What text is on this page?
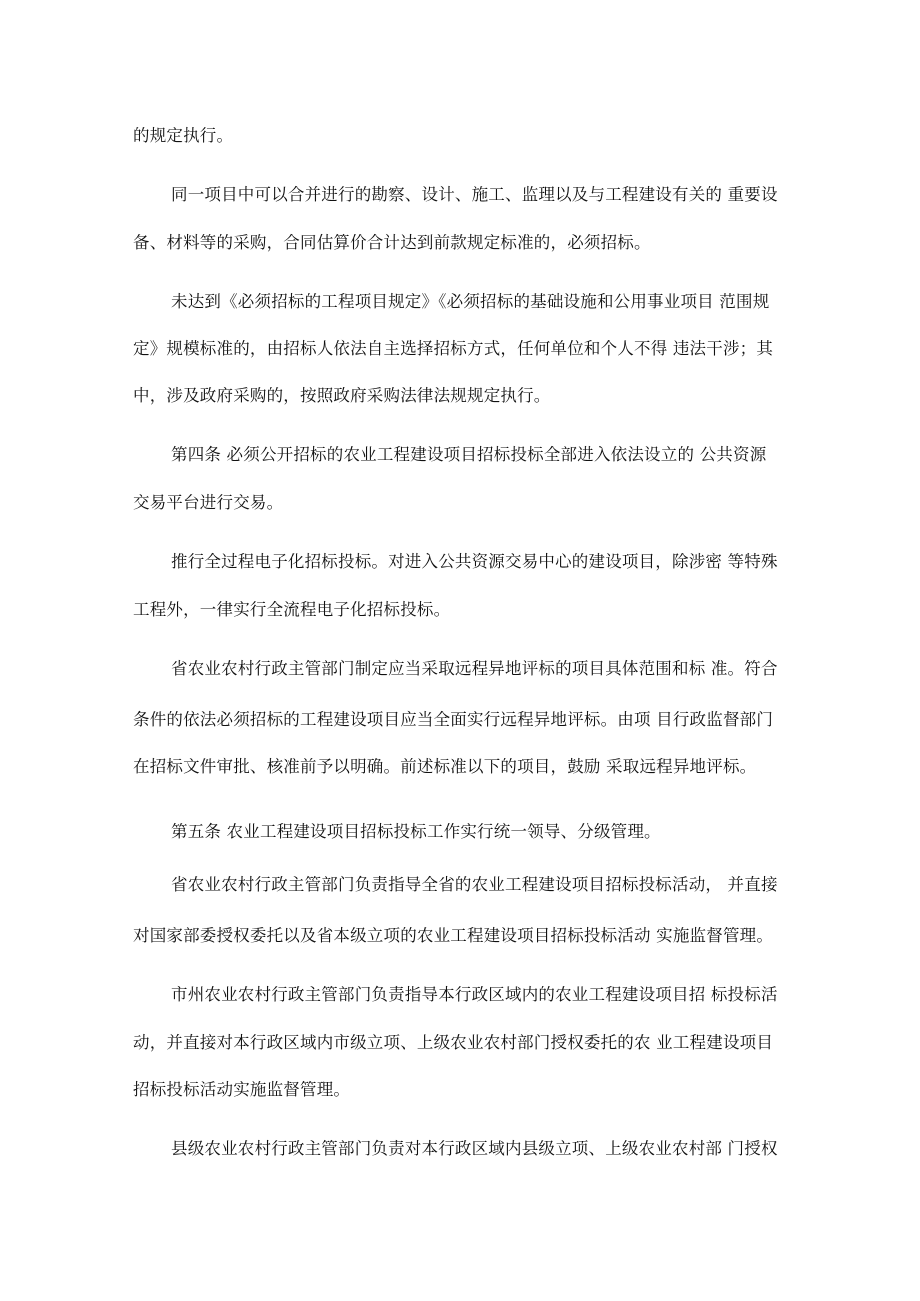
的规定执行。
同一项目中可以合并进行的勘察、设计、施工、监理以及与工程建设有关的 重要设
备、材料等的采购，合同估算价合计达到前款规定标准的，必须招标。
未达到《必须招标的工程项目规定》《必须招标的基础设施和公用事业项目 范围规
定》规模标准的，由招标人依法自主选择招标方式，任何单位和个人不得 违法干涉；其
中，涉及政府采购的，按照政府采购法律法规规定执行。
第四条 必须公开招标的农业工程建设项目招标投标全部进入依法设立的 公共资源
交易平台进行交易。
推行全过程电子化招标投标。对进入公共资源交易中心的建设项目，除涉密 等特殊
工程外，一律实行全流程电子化招标投标。
省农业农村行政主管部门制定应当采取远程异地评标的项目具体范围和标 准。符合
条件的依法必须招标的工程建设项目应当全面实行远程异地评标。由项 目行政监督部门
在招标文件审批、核准前予以明确。前述标准以下的项目，鼓励 采取远程异地评标。
第五条 农业工程建设项目招标投标工作实行统一领导、分级管理。
省农业农村行政主管部门负责指导全省的农业工程建设项目招标投标活动， 并直接
对国家部委授权委托以及省本级立项的农业工程建设项目招标投标活动 实施监督管理。
市州农业农村行政主管部门负责指导本行政区域内的农业工程建设项目招 标投标活
动，并直接对本行政区域内市级立项、上级农业农村部门授权委托的农 业工程建设项目
招标投标活动实施监督管理。
县级农业农村行政主管部门负责对本行政区域内县级立项、上级农业农村部 门授权
